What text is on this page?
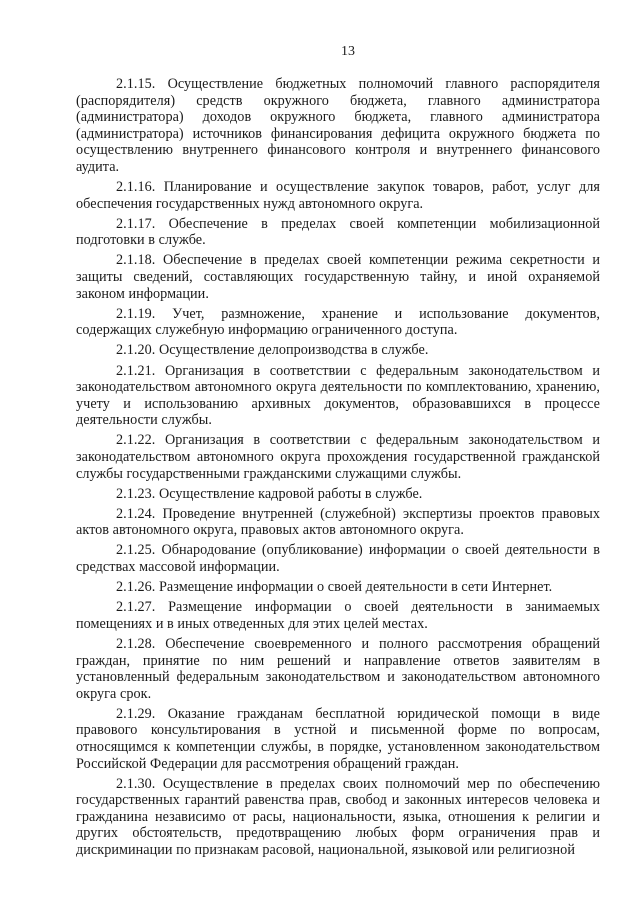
13

2.1.15. Осуществление бюджетных полномочий главного распорядителя (распорядителя) средств окружного бюджета, главного администратора (администратора) доходов окружного бюджета, главного администратора (администратора) источников финансирования дефицита окружного бюджета по осуществлению внутреннего финансового контроля и внутреннего финансового аудита.

2.1.16. Планирование и осуществление закупок товаров, работ, услуг для обеспечения государственных нужд автономного округа.

2.1.17. Обеспечение в пределах своей компетенции мобилизационной подготовки в службе.

2.1.18. Обеспечение в пределах своей компетенции режима секретности и защиты сведений, составляющих государственную тайну, и иной охраняемой законом информации.

2.1.19. Учет, размножение, хранение и использование документов, содержащих служебную информацию ограниченного доступа.

2.1.20. Осуществление делопроизводства в службе.

2.1.21. Организация в соответствии с федеральным законодательством и законодательством автономного округа деятельности по комплектованию, хранению, учету и использованию архивных документов, образовавшихся в процессе деятельности службы.

2.1.22. Организация в соответствии с федеральным законодательством и законодательством автономного округа прохождения государственной гражданской службы государственными гражданскими служащими службы.

2.1.23. Осуществление кадровой работы в службе.

2.1.24. Проведение внутренней (служебной) экспертизы проектов правовых актов автономного округа, правовых актов автономного округа.

2.1.25. Обнародование (опубликование) информации о своей деятельности в средствах массовой информации.

2.1.26. Размещение информации о своей деятельности в сети Интернет.

2.1.27. Размещение информации о своей деятельности в занимаемых помещениях и в иных отведенных для этих целей местах.

2.1.28. Обеспечение своевременного и полного рассмотрения обращений граждан, принятие по ним решений и направление ответов заявителям в установленный федеральным законодательством и законодательством автономного округа срок.

2.1.29. Оказание гражданам бесплатной юридической помощи в виде правового консультирования в устной и письменной форме по вопросам, относящимся к компетенции службы, в порядке, установленном законодательством Российской Федерации для рассмотрения обращений граждан.

2.1.30. Осуществление в пределах своих полномочий мер по обеспечению государственных гарантий равенства прав, свобод и законных интересов человека и гражданина независимо от расы, национальности, языка, отношения к религии и других обстоятельств, предотвращению любых форм ограничения прав и дискриминации по признакам расовой, национальной, языковой или религиозной
